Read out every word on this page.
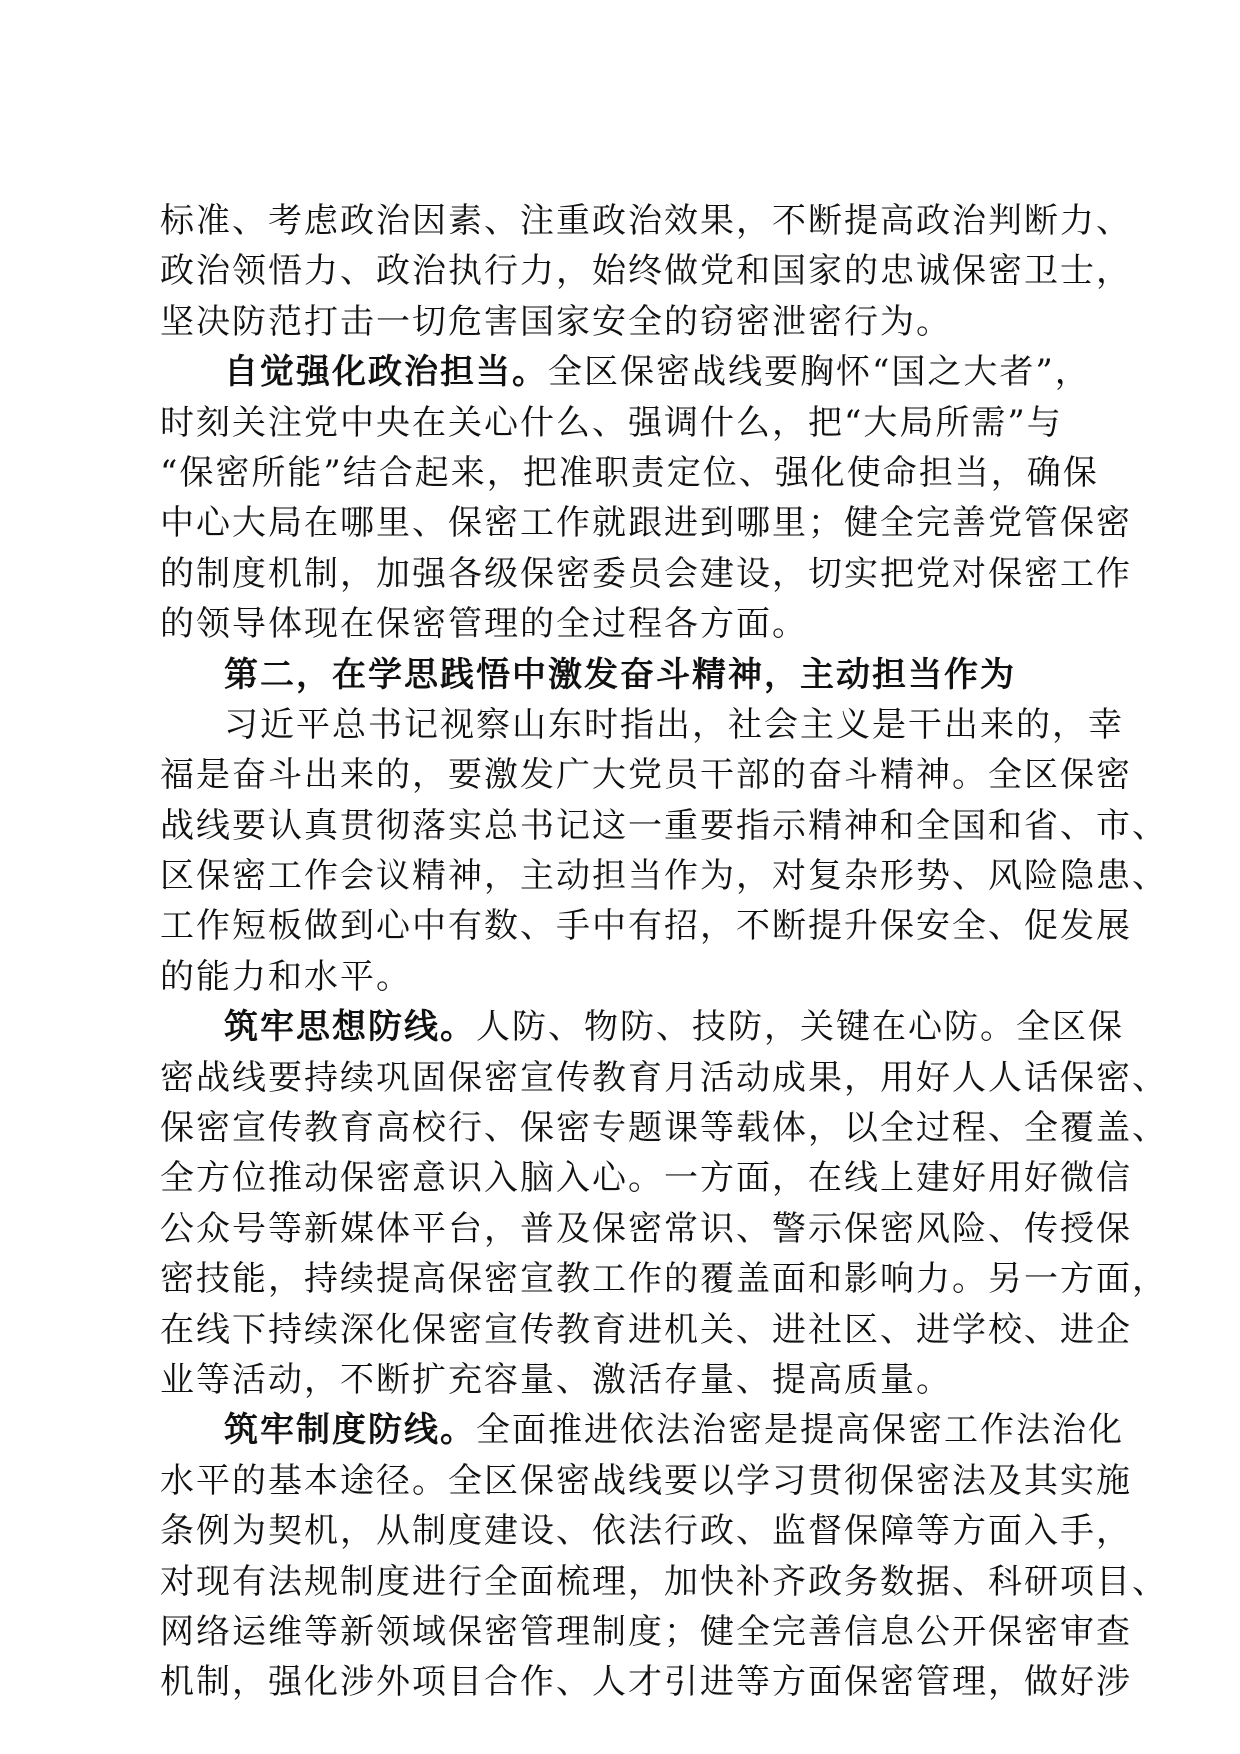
标准、考虑政治因素、注重政治效果，不断提高政治判断力、
政治领悟力、政治执行力，始终做党和国家的忠诚保密卫士，
坚决防范打击一切危害国家安全的窃密泄密行为。
自觉强化政治担当。全区保密战线要胸怀“国之大者”，
时刻关注党中央在关心什么、强调什么，把“大局所需”与
“保密所能”结合起来，把准职责定位、强化使命担当，确保
中心大局在哪里、保密工作就跟进到哪里；健全完善党管保密
的制度机制，加强各级保密委员会建设，切实把党对保密工作
的领导体现在保密管理的全过程各方面。
第二，在学思践悟中激发奋斗精神，主动担当作为
习近平总书记视察山东时指出，社会主义是干出来的，幸
福是奋斗出来的，要激发广大党员干部的奋斗精神。全区保密
战线要认真贯彻落实总书记这一重要指示精神和全国和省、市、
区保密工作会议精神，主动担当作为，对复杂形势、风险隐患、
工作短板做到心中有数、手中有招，不断提升保安全、促发展
的能力和水平。
筑牢思想防线。人防、物防、技防，关键在心防。全区保
密战线要持续巩固保密宣传教育月活动成果，用好人人话保密、
保密宣传教育高校行、保密专题课等载体，以全过程、全覆盖、
全方位推动保密意识入脑入心。一方面，在线上建好用好微信
公众号等新媒体平台，普及保密常识、警示保密风险、传授保
密技能，持续提高保密宣教工作的覆盖面和影响力。另一方面，
在线下持续深化保密宣传教育进机关、进社区、进学校、进企
业等活动，不断扩充容量、激活存量、提高质量。
筑牢制度防线。全面推进依法治密是提高保密工作法治化
水平的基本途径。全区保密战线要以学习贯彻保密法及其实施
条例为契机，从制度建设、依法行政、监督保障等方面入手，
对现有法规制度进行全面梳理，加快补齐政务数据、科研项目、
网络运维等新领域保密管理制度；健全完善信息公开保密审查
机制，强化涉外项目合作、人才引进等方面保密管理，做好涉
